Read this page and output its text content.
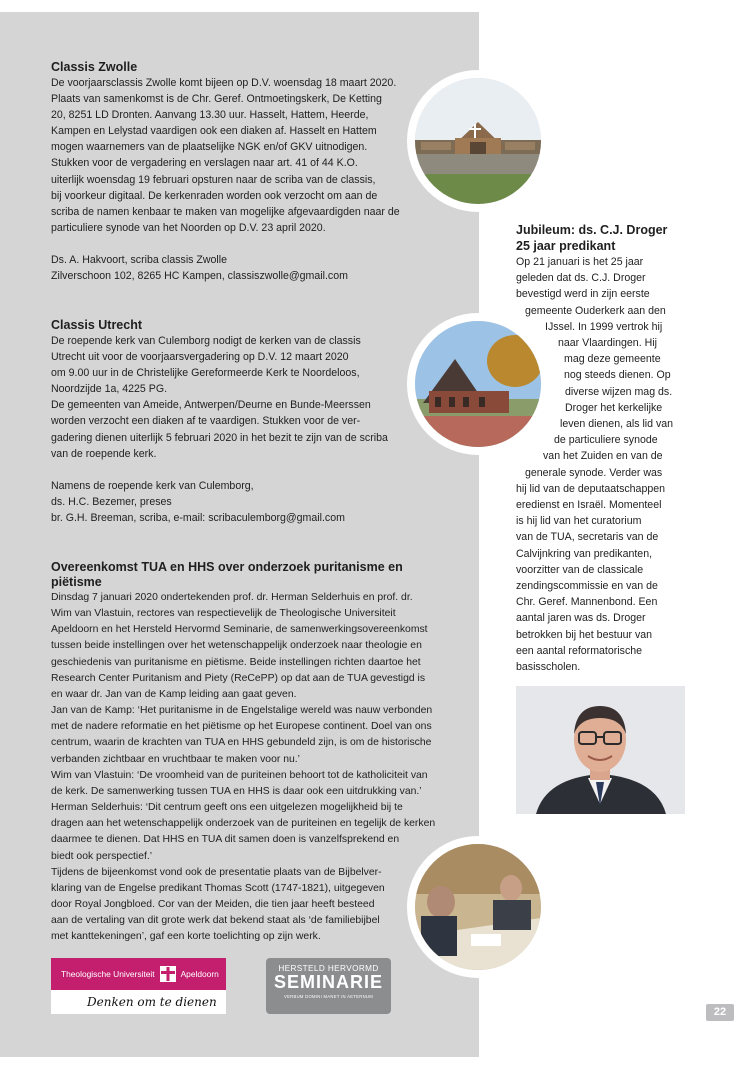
Classis Zwolle

De voorjaarsclassis Zwolle komt bijeen op D.V. woensdag 18 maart 2020.

Plaats van samenkomst is de Chr. Geref. Ontmoetingskerk, De Ketting

20, 8251 LD Dronten. Aanvang 13.30 uur. Hasselt, Hattem, Heerde,

Kampen en Lelystad vaardigen ook een diaken af. Hasselt en Hattem

mogen waarnemers van de plaatselijke NGK en/of GKV uitnodigen.

Stukken voor de vergadering en verslagen naar art. 41 of 44 K.O.

uiterlijk woensdag 19 februari opsturen naar de scriba van de classis,

bij voorkeur digitaal. De kerkenraden worden ook verzocht om aan de

scriba de namen kenbaar te maken van mogelijke afgevaardigden naar de

particuliere synode van het Noorden op D.V. 23 april 2020.

Ds. A. Hakvoort, scriba classis Zwolle

Zilverschoon 102, 8265 HC Kampen, classiszwolle@gmail.com

Classis Utrecht

De roepende kerk van Culemborg nodigt de kerken van de classis

Utrecht uit voor de voorjaarsvergadering op D.V. 12 maart 2020

om 9.00 uur in de Christelijke Gereformeerde Kerk te Noordeloos,

Noordzijde 1a, 4225 PG.

De gemeenten van Ameide, Antwerpen/Deurne en Bunde-Meerssen

worden verzocht een diaken af te vaardigen. Stukken voor de ver-

gadering dienen uiterlijk 5 februari 2020 in het bezit te zijn van de scriba

van de roepende kerk.

Namens de roepende kerk van Culemborg,

ds. H.C. Bezemer, preses

br. G.H. Breeman, scriba, e-mail: scribaculemborg@gmail.com

Overeenkomst TUA en HHS over onderzoek puritanisme en
piëtisme

Dinsdag 7 januari 2020 ondertekenden prof. dr. Herman Selderhuis en prof. dr.

Wim van Vlastuin, rectores van respectievelijk de Theologische Universiteit

Apeldoorn en het Hersteld Hervormd Seminarie, de samenwerkingsovereenkomst

tussen beide instellingen over het wetenschappelijk onderzoek naar theologie en

geschiedenis van puritanisme en piëtisme. Beide instellingen richten daartoe het

Research Center Puritanism and Piety (ReCePP) op dat aan de TUA gevestigd is

en waar dr. Jan van de Kamp leiding aan gaat geven.

Jan van de Kamp: ‘Het puritanisme in de Engelstalige wereld was nauw verbonden

met de nadere reformatie en het piëtisme op het Europese continent. Doel van ons

centrum, waarin de krachten van TUA en HHS gebundeld zijn, is om de historische

verbanden zichtbaar en vruchtbaar te maken voor nu.’

Wim van Vlastuin: ‘De vroomheid van de puriteinen behoort tot de katholiciteit van

de kerk. De samenwerking tussen TUA en HHS is daar ook een uitdrukking van.’

Herman Selderhuis: ‘Dit centrum geeft ons een uitgelezen mogelijkheid bij te

dragen aan het wetenschappelijk onderzoek van de puriteinen en tegelijk de kerken

daarmee te dienen. Dat HHS en TUA dit samen doen is vanzelfsprekend en

biedt ook perspectief.’

Tijdens de bijeenkomst vond ook de presentatie plaats van de Bijbelver-

klaring van de Engelse predikant Thomas Scott (1747-1821), uitgegeven

door Royal Jongbloed. Cor van der Meiden, die tien jaar heeft besteed

aan de vertaling van dit grote werk dat bekend staat als ‘de familiebijbel

met kanttekeningen’, gaf een korte toelichting op zijn werk.

Jubileum: ds. C.J. Droger
25 jaar predikant
Op 21 januari is het 25 jaar
geleden dat ds. C.J. Droger
bevestigd werd in zijn eerste
gemeente Ouderkerk aan den
IJssel. In 1999 vertrok hij
naar Vlaardingen. Hij
mag deze gemeente
nog steeds dienen. Op
diverse wijzen mag ds.
Droger het kerkelijke
leven dienen, als lid van
de particuliere synode
van het Zuiden en van de
generale synode. Verder was
hij lid van de deputaatschappen
eredienst en Israël. Momenteel
is hij lid van het curatorium
van de TUA, secretaris van de
Calvijnkring van predikanten,
voorzitter van de classicale
zendingscommissie en van de
Chr. Geref. Mannenbond. Een
aantal jaren was ds. Droger
betrokken bij het bestuur van
een aantal reformatorische
basisscholen.
Theologische Universiteit	Apeldoorn
Denken om te dienen
HERSTELD HERVORMD
SEMINARIE
VERBUM DOMINI MANET IN AETERNUM
22
